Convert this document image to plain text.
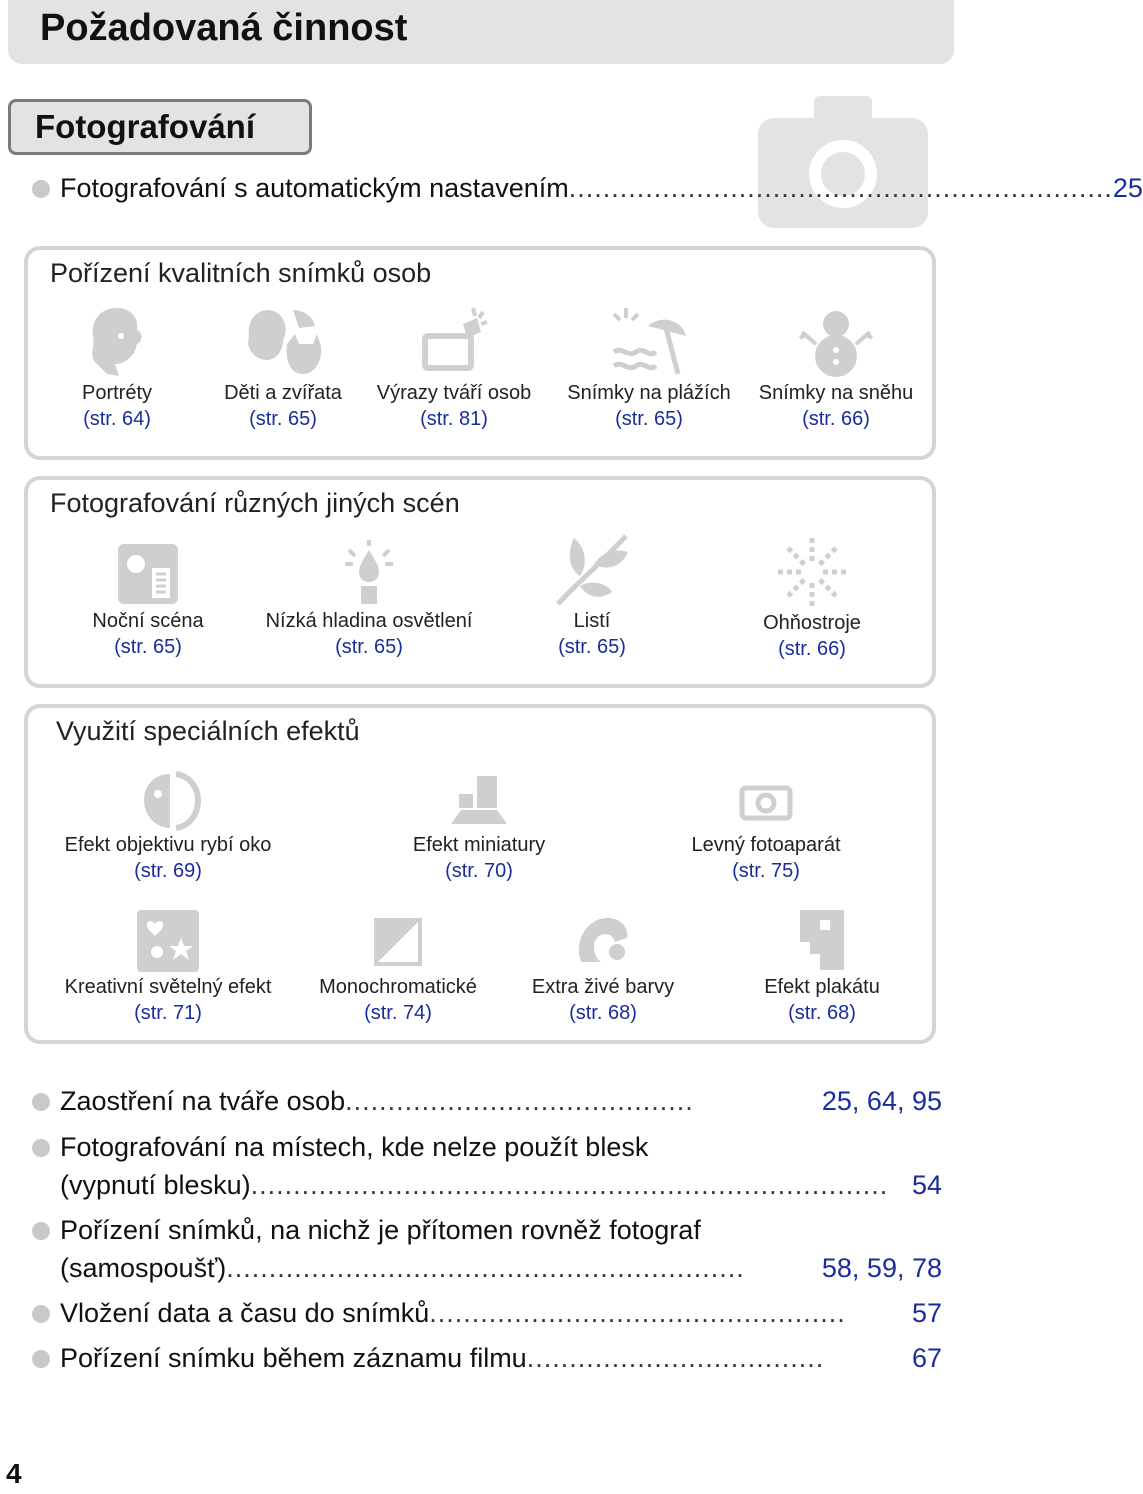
Požadovaná činnost
Fotografování
Fotografování s automatickým nastavením ................................................................ 25
Pořízení kvalitních snímků osob
Portréty
(str. 64)
Děti a zvířata
(str. 65)
Výrazy tváří osob
(str. 81)
Snímky na plážích
(str. 65)
Snímky na sněhu
(str. 66)
Fotografování různých jiných scén
Noční scéna
(str. 65)
Nízká hladina osvětlení
(str. 65)
Listí
(str. 65)
Ohňostroje
(str. 66)
Využití speciálních efektů
Efekt objektivu rybí oko
(str. 69)
Efekt miniatury
(str. 70)
Levný fotoaparát
(str. 75)
Kreativní světelný efekt
(str. 71)
Monochromatické
(str. 74)
Extra živé barvy
(str. 68)
Efekt plakátu
(str. 68)
Zaostření na tváře osob .........................................	25, 64, 95
Fotografování na místech, kde nelze použít blesk
(vypnutí blesku) ........................................................................... 54
Pořízení snímků, na nichž je přítomen rovněž fotograf
(samospoušť) .............................................................	58, 59, 78
Vložení data a času do snímků .................................................	57
Pořízení snímku během záznamu filmu ...................................	67
4
